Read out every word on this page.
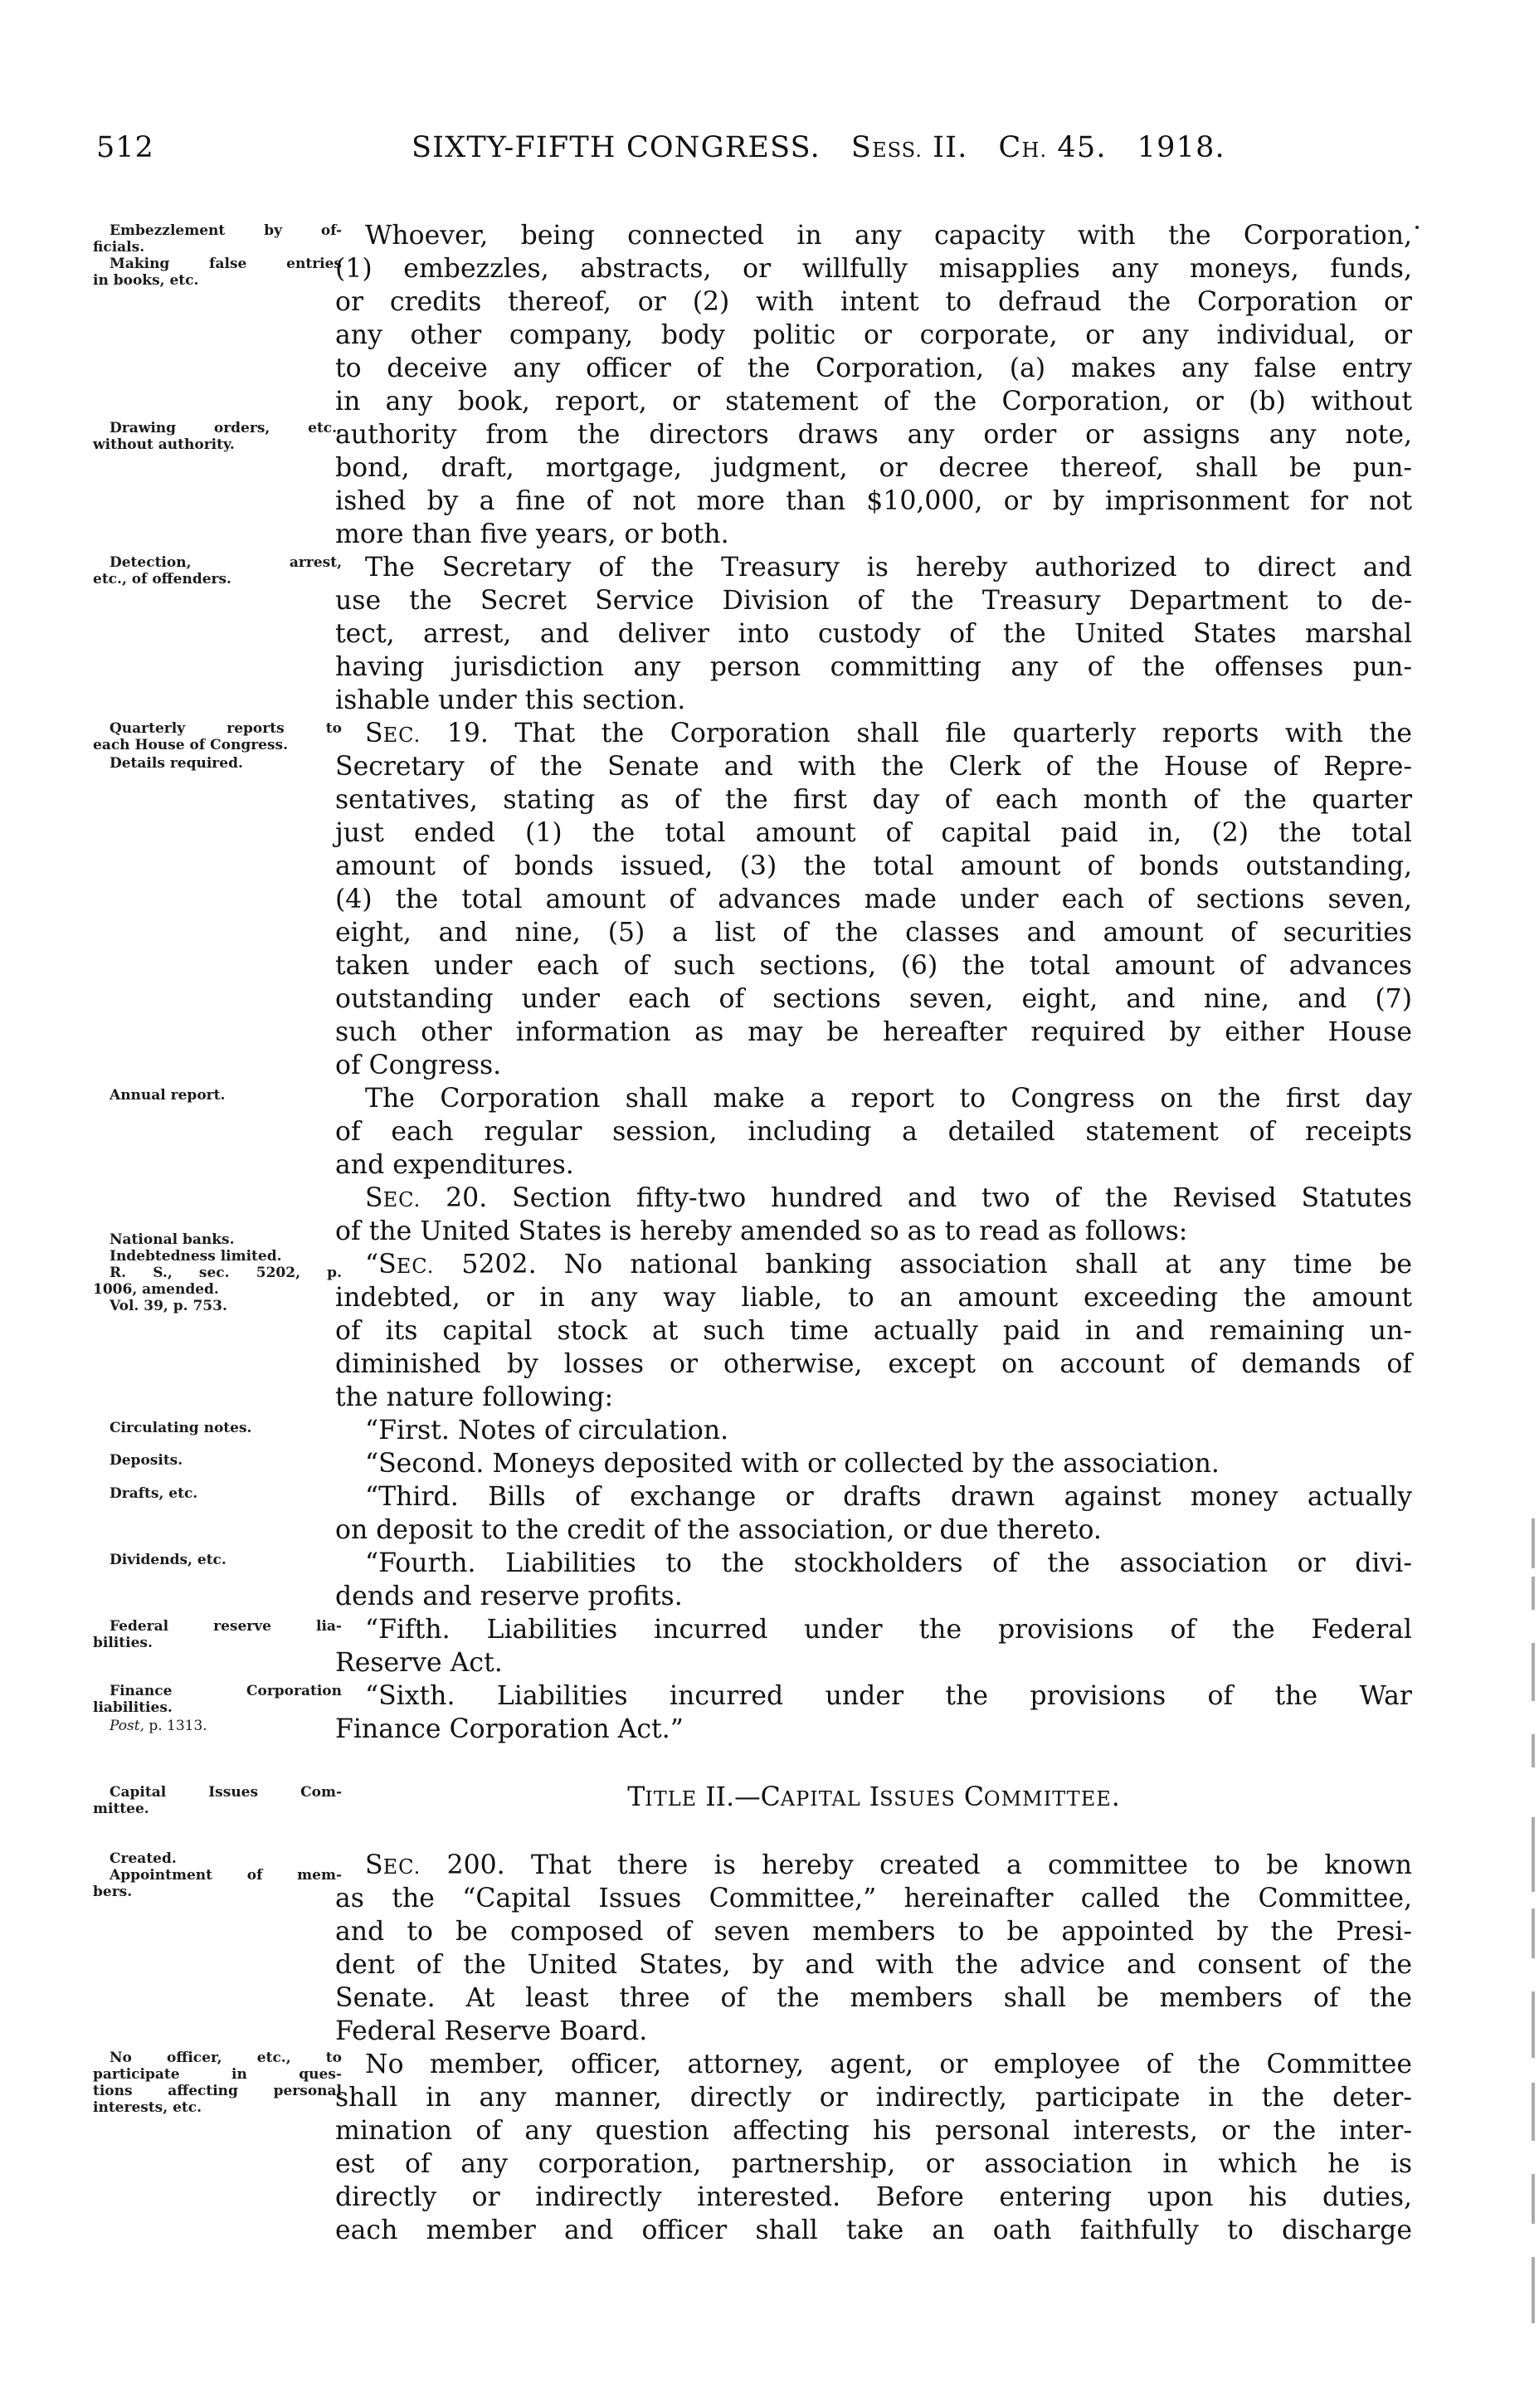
512	SIXTY-FIFTH CONGRESS. SESS. II. CH. 45. 1918.
Embezzlement by of-
ficials.
Making false entries
in books, etc.
Drawing orders, etc.,
without authority.
Detection, arrest,
etc., of offenders.
Quarterly reports to
each House of Congress.
Details required.
Annual report.
National banks.
Indebtedness limited.
R. S., sec. 5202, p.
1006, amended.
Vol. 39, p. 753.
Circulating notes.
Deposits.
Drafts, etc.
Dividends, etc.
Federal reserve lia-
bilities.
Finance Corporation
liabilities.
Post, p. 1313.
Capital Issues Com-
mittee.
Created.
Appointment of mem-
bers.
No officer, etc., to
participate in ques-
tions affecting personal
interests, etc.
Whoever, being connected in any capacity with the Corporation,
(1) embezzles, abstracts, or willfully misapplies any moneys, funds,
or credits thereof, or (2) with intent to defraud the Corporation or
any other company, body politic or corporate, or any individual, or
to deceive any officer of the Corporation, (a) makes any false entry
in any book, report, or statement of the Corporation, or (b) without
authority from the directors draws any order or assigns any note,
bond, draft, mortgage, judgment, or decree thereof, shall be pun-
ished by a fine of not more than $10,000, or by imprisonment for not
more than five years, or both.
The Secretary of the Treasury is hereby authorized to direct and
use the Secret Service Division of the Treasury Department to de-
tect, arrest, and deliver into custody of the United States marshal
having jurisdiction any person committing any of the offenses pun-
ishable under this section.
SEC. 19. That the Corporation shall file quarterly reports with the
Secretary of the Senate and with the Clerk of the House of Repre-
sentatives, stating as of the first day of each month of the quarter
just ended (1) the total amount of capital paid in, (2) the total
amount of bonds issued, (3) the total amount of bonds outstanding,
(4) the total amount of advances made under each of sections seven,
eight, and nine, (5) a list of the classes and amount of securities
taken under each of such sections, (6) the total amount of advances
outstanding under each of sections seven, eight, and nine, and (7)
such other information as may be hereafter required by either House
of Congress.
The Corporation shall make a report to Congress on the first day
of each regular session, including a detailed statement of receipts
and expenditures.
SEC. 20. Section fifty-two hundred and two of the Revised Statutes
of the United States is hereby amended so as to read as follows:
“SEC. 5202. No national banking association shall at any time be
indebted, or in any way liable, to an amount exceeding the amount
of its capital stock at such time actually paid in and remaining un-
diminished by losses or otherwise, except on account of demands of
the nature following:
“First. Notes of circulation.
“Second. Moneys deposited with or collected by the association.
“Third. Bills of exchange or drafts drawn against money actually
on deposit to the credit of the association, or due thereto.
“Fourth. Liabilities to the stockholders of the association or divi-
dends and reserve profits.
“Fifth. Liabilities incurred under the provisions of the Federal
Reserve Act.
“Sixth. Liabilities incurred under the provisions of the War
Finance Corporation Act.”
TITLE II.—CAPITAL ISSUES COMMITTEE.
SEC. 200. That there is hereby created a committee to be known
as the “Capital Issues Committee,” hereinafter called the Committee,
and to be composed of seven members to be appointed by the Presi-
dent of the United States, by and with the advice and consent of the
Senate. At least three of the members shall be members of the
Federal Reserve Board.
No member, officer, attorney, agent, or employee of the Committee
shall in any manner, directly or indirectly, participate in the deter-
mination of any question affecting his personal interests, or the inter-
est of any corporation, partnership, or association in which he is
directly or indirectly interested. Before entering upon his duties,
each member and officer shall take an oath faithfully to discharge
